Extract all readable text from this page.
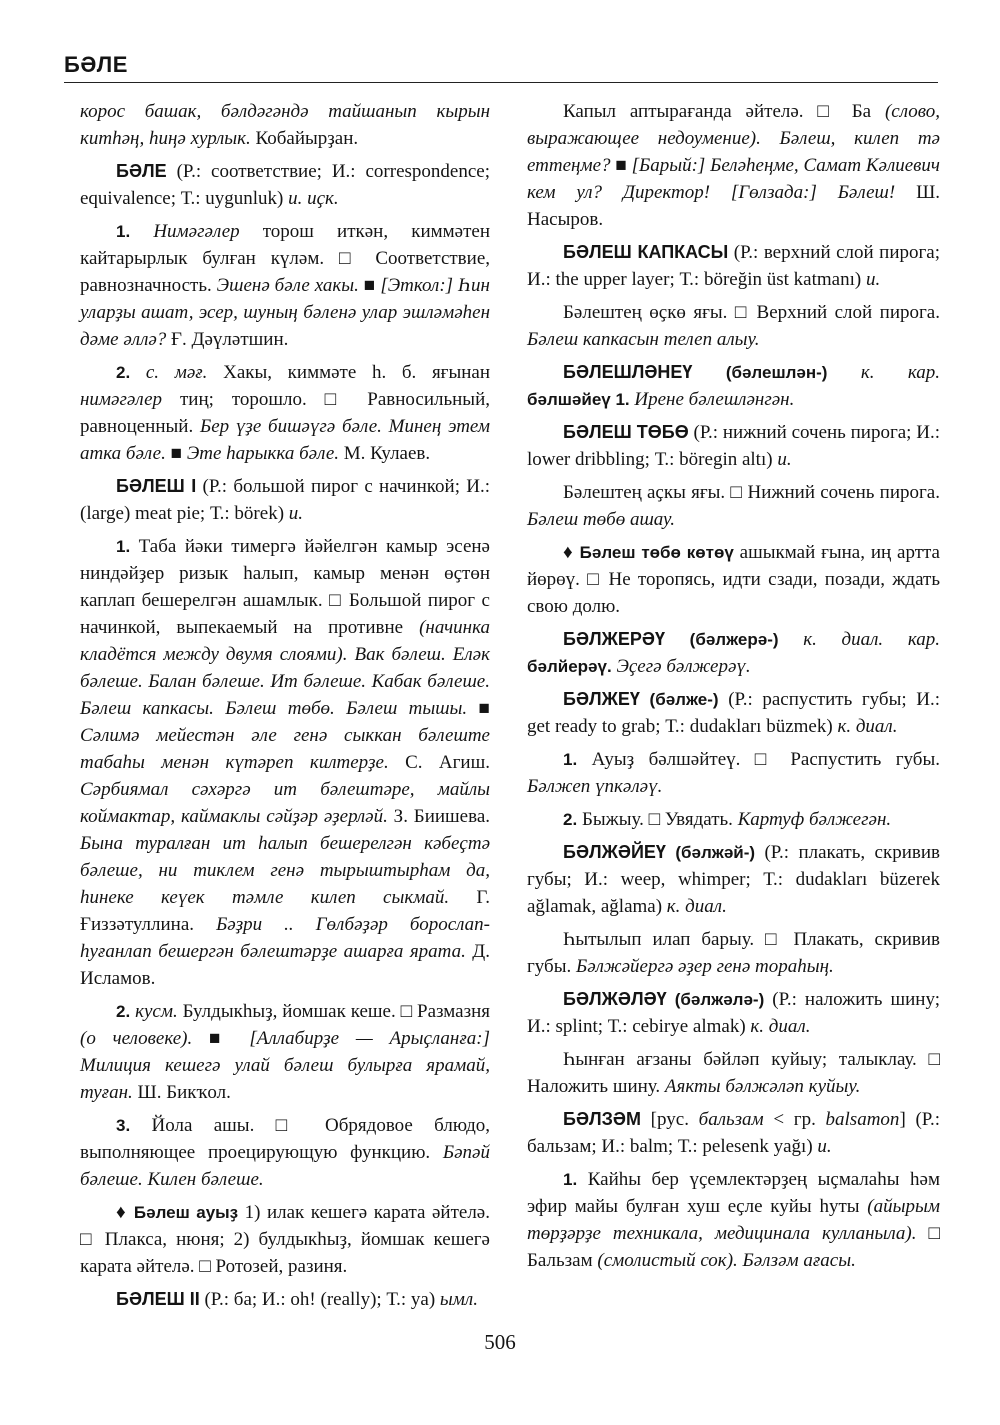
БӘЛЕ

корос башак, бәлдәгәндә тайшанып кырын китһәң, һиңә хурлык. Кобайырҙан.

БӘЛЕ (Р.: соответствие; И.: correspondence; equivalence; Т.: uygunluk) и. иҫк.

1. Нимәгәлер торош иткән, киммәтен кайтарырлык булған күләм. □ Соответствие, равнозначность. Эшенә бәле хакы. ■ [Эткол:] Һин уларҙы ашат, эсер, шуның бәленә улар эшләмәһен дәме әллә? Ғ. Дәүләтшин.

2. с. мәғ. Хакы, киммәте һ. б. яғынан нимәгәлер тиң; торошло. □ Равносильный, равноценный. Бер үҙе бишәүгә бәле. Минең этем атка бәле. ■ Эте һарыкка бәле. М. Кулаев.

БӘЛЕШ I (Р.: большой пирог с начинкой; И.: (large) meat pie; Т.: börek) и.

1. Таба йәки тимергә йәйелгән камыр эсенә ниндәйҙер ризык һалып, камыр менән өҫтөн каплап бешерелгән ашамлык. □ Большой пирог с начинкой, выпекаемый на противне (начинка кладётся между двумя слоями). Вак бәлеш. Еләк бәлеше. Балан бәлеше. Ит бәлеше. Кабак бәлеше. Бәлеш капкасы. Бәлеш төбө. Бәлеш тышы. ■ Сәлимә мейестән әле генә сыккан бәлеште табаһы менән күтәреп килтерҙе. С. Агиш. Сәрбиямал сәхәргә ит бәлештәре, майлы коймактар, каймаклы сәйҙәр әҙерләй. З. Биишева. Бына туралған ит һалып бешерелгән кәбеҫтә бәлеше, ни тиклем генә тырыштырһам да, һинеке кеүек тәмле килеп сыкмай. Г. Ғиззәтуллина. Бәҙри .. Гөлбәҙәр борослап-һуғанлап бешергән бәлештәрҙе ашарға ярата. Д. Исламов.

2. кусм. Булдыкһыҙ, йомшак кеше. □ Размазня (о человеке). ■ [Аллабирҙе — Арыҫланға:] Милиция кешегә улай бәлеш булырға ярамай, туған. Ш. Бикҡол.

3. Йола ашы. □ Обрядовое блюдо, выполняющее проецирующую функцию. Бәпәй бәлеше. Килен бәлеше.

♦ Бәлеш ауыҙ 1) илак кешегә карата әйтелә. □ Плакса, нюня; 2) булдыкһыҙ, йомшак кешегә карата әйтелә. □ Ротозей, разиня.

БӘЛЕШ II (Р.: ба; И.: oh! (really); Т.: ya) ымл.

Капыл аптырағанда әйтелә. □ Ба (слово, выражающее недоумение). Бәлеш, килеп тә еттеңме? ■ [Барый:] Беләһеңме, Самат Кәлиевич кем ул? Директор! [Гөлзада:] Бәлеш! Ш. Насыров.

БӘЛЕШ КАПКАСЫ (Р.: верхний слой пирога; И.: the upper layer; Т.: böreğin üst katmanı) и.

Бәлештең өҫкө яғы. □ Верхний слой пирога. Бәлеш капкасын телеп алыу.

БӘЛЕШЛӘНЕҮ (бәлешлән-) к. кар. бәлшәйеү 1. Ирене бәлешләнгән.

БӘЛЕШ ТӨБӨ (Р.: нижний сочень пирога; И.: lower dribbling; Т.: böregin altı) и.

Бәлештең аҫкы яғы. □ Нижний сочень пирога. Бәлеш төбө ашау.

♦ Бәлеш төбө көтөү ашыкмай ғына, иң артта йөрөү. □ Не торопясь, идти сзади, позади, ждать свою долю.

БӘЛЖЕРӘҮ (бәлжерә-) к. диал. кар. бәлйерәү. Эҫегә бәлжерәү.

БӘЛЖЕҮ (бәлже-) (Р.: распустить губы; И.: get ready to grab; Т.: dudakları büzmek) к. диал.

1. Ауыҙ бәлшәйтеү. □ Распустить губы. Бәлжеп үпкәләү.

2. Быжыу. □ Увядать. Картуф бәлжегән.

БӘЛЖӘЙЕҮ (бәлжәй-) (Р.: плакать, скривив губы; И.: weep, whimper; Т.: dudakları büzerek ağlamak, ağlama) к. диал.

Һытылып илап барыу. □ Плакать, скривив губы. Бәлжәйергә әҙер генә тораһың.

БӘЛЖӘЛӘҮ (бәлжәлә-) (Р.: наложить шину; И.: splint; Т.: cebirye almak) к. диал.

Һынған ағзаны бәйләп куйыу; талыклау. □ Наложить шину. Аякты бәлжәләп куйыу.

БӘЛЗӘМ [рус. бальзам < гр. balsamon] (Р.: бальзам; И.: balm; Т.: pelesenk yağı) и.

1. Кайһы бер үҫемлектәрҙең ыҫмалаһы һәм эфир майы булған хуш еҫле куйы һуты (айырым төрҙәрҙе техникала, медицинала кулланыла). □ Бальзам (смолистый сок). Бәлзәм ағасы.

506
